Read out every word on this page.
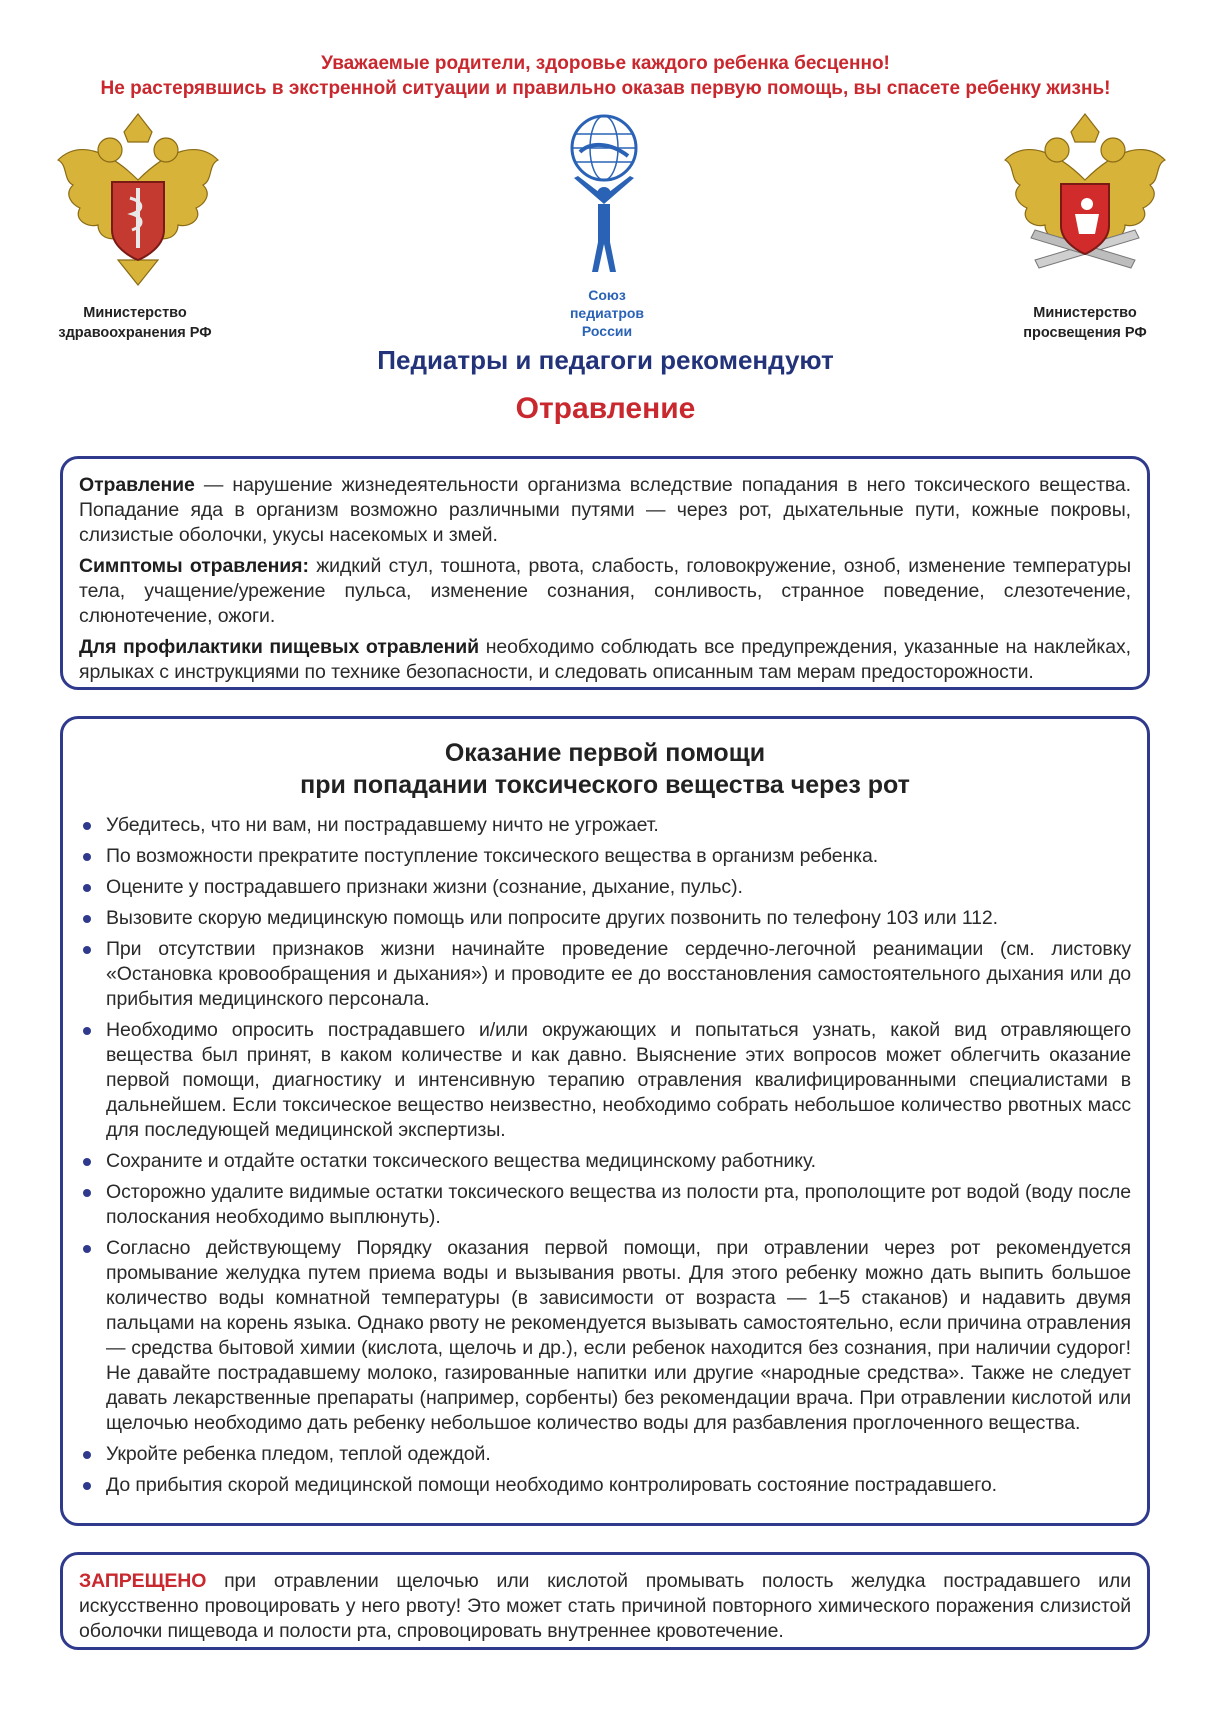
Уважаемые родители, здоровье каждого ребенка бесценно!
Не растерявшись в экстренной ситуации и правильно оказав первую помощь, вы спасете ребенку жизнь!
Министерство
здравоохранения РФ
Союз
педиатров
России
Министерство
просвещения РФ
Педиатры и педагоги рекомендуют
Отравление

Отравление — нарушение жизнедеятельности организма вследствие попадания в него токсического вещества. Попадание яда в организм возможно различными путями — через рот, дыхательные пути, кожные покровы, слизистые оболочки, укусы насекомых и змей.

Симптомы отравления: жидкий стул, тошнота, рвота, слабость, головокружение, озноб, изменение температуры тела, учащение/урежение пульса, изменение сознания, сонливость, странное поведение, слезотечение, слюнотечение, ожоги.

Для профилактики пищевых отравлений необходимо соблюдать все предупреждения, указанные на наклейках, ярлыках с инструкциями по технике безопасности, и следовать описанным там мерам предосторожности.

Оказание первой помощи
при попадании токсического вещества через рот
Убедитесь, что ни вам, ни пострадавшему ничто не угрожает.
По возможности прекратите поступление токсического вещества в организм ребенка.
Оцените у пострадавшего признаки жизни (сознание, дыхание, пульс).
Вызовите скорую медицинскую помощь или попросите других позвонить по телефону 103 или 112.
При отсутствии признаков жизни начинайте проведение сердечно-легочной реанимации (см. листовку «Остановка кровообращения и дыхания») и проводите ее до восстановления самостоятельного дыхания или до прибытия медицинского персонала.
Необходимо опросить пострадавшего и/или окружающих и попытаться узнать, какой вид отравляющего вещества был принят, в каком количестве и как давно. Выяснение этих вопросов может облегчить оказание первой помощи, диагностику и интенсивную терапию отравления квалифицированными специалистами в дальнейшем. Если токсическое вещество неизвестно, необходимо собрать небольшое количество рвотных масс для последующей медицинской экспертизы.
Сохраните и отдайте остатки токсического вещества медицинскому работнику.
Осторожно удалите видимые остатки токсического вещества из полости рта, прополощите рот водой (воду после полоскания необходимо выплюнуть).
Согласно действующему Порядку оказания первой помощи, при отравлении через рот рекомендуется промывание желудка путем приема воды и вызывания рвоты. Для этого ребенку можно дать выпить большое количество воды комнатной температуры (в зависимости от возраста — 1–5 стаканов) и надавить двумя пальцами на корень языка. Однако рвоту не рекомендуется вызывать самостоятельно, если причина отравления — средства бытовой химии (кислота, щелочь и др.), если ребенок находится без сознания, при наличии судорог! Не давайте пострадавшему молоко, газированные напитки или другие «народные средства». Также не следует давать лекарственные препараты (например, сорбенты) без рекомендации врача. При отравлении кислотой или щелочью необходимо дать ребенку небольшое количество воды для разбавления проглоченного вещества.
Укройте ребенка пледом, теплой одеждой.
До прибытия скорой медицинской помощи необходимо контролировать состояние пострадавшего.

ЗАПРЕЩЕНО при отравлении щелочью или кислотой промывать полость желудка пострадавшего или искусственно провоцировать у него рвоту! Это может стать причиной повторного химического поражения слизистой оболочки пищевода и полости рта, спровоцировать внутреннее кровотечение.
